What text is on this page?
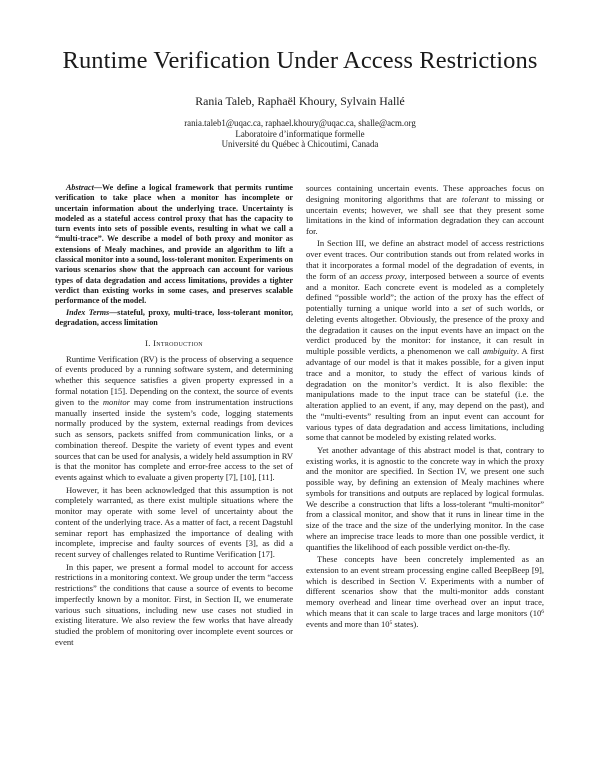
Runtime Verification Under Access Restrictions
Rania Taleb, Raphaël Khoury, Sylvain Hallé
rania.taleb1@uqac.ca, raphael.khoury@uqac.ca, shalle@acm.org
Laboratoire d’informatique formelle
Université du Québec à Chicoutimi, Canada

Abstract—We define a logical framework that permits runtime verification to take place when a monitor has incomplete or uncertain information about the underlying trace. Uncertainty is modeled as a stateful access control proxy that has the capacity to turn events into sets of possible events, resulting in what we call a “multi-trace”. We describe a model of both proxy and monitor as extensions of Mealy machines, and provide an algorithm to lift a classical monitor into a sound, loss-tolerant monitor. Experiments on various scenarios show that the approach can account for various types of data degradation and access limitations, provides a tighter verdict than existing works in some cases, and preserves scalable performance of the model.

Index Terms—stateful, proxy, multi-trace, loss-tolerant monitor, degradation, access limitation

I. Introduction

Runtime Verification (RV) is the process of observing a sequence of events produced by a running software system, and determining whether this sequence satisfies a given property expressed in a formal notation [15]. Depending on the context, the source of events given to the monitor may come from instrumentation instructions manually inserted inside the system’s code, logging statements normally produced by the system, external readings from devices such as sensors, packets sniffed from communication links, or a combination thereof. Despite the variety of event types and event sources that can be used for analysis, a widely held assumption in RV is that the monitor has complete and error-free access to the set of events against which to evaluate a given property [7], [10], [11].

However, it has been acknowledged that this assumption is not completely warranted, as there exist multiple situations where the monitor may operate with some level of uncertainty about the content of the underlying trace. As a matter of fact, a recent Dagstuhl seminar report has emphasized the importance of dealing with incomplete, imprecise and faulty sources of events [3], as did a recent survey of challenges related to Runtime Verification [17].

In this paper, we present a formal model to account for access restrictions in a monitoring context. We group under the term “access restrictions” the conditions that cause a source of events to become imperfectly known by a monitor. First, in Section II, we enumerate various such situations, including new use cases not studied in existing literature. We also review the few works that have already studied the problem of monitoring over incomplete event sources or event

sources containing uncertain events. These approaches focus on designing monitoring algorithms that are tolerant to missing or uncertain events; however, we shall see that they present some limitations in the kind of information degradation they can account for.

In Section III, we define an abstract model of access restrictions over event traces. Our contribution stands out from related works in that it incorporates a formal model of the degradation of events, in the form of an access proxy, interposed between a source of events and a monitor. Each concrete event is modeled as a completely defined “possible world”; the action of the proxy has the effect of potentially turning a unique world into a set of such worlds, or deleting events altogether. Obviously, the presence of the proxy and the degradation it causes on the input events have an impact on the verdict produced by the monitor: for instance, it can result in multiple possible verdicts, a phenomenon we call ambiguity. A first advantage of our model is that it makes possible, for a given input trace and a monitor, to study the effect of various kinds of degradation on the monitor’s verdict. It is also flexible: the manipulations made to the input trace can be stateful (i.e. the alteration applied to an event, if any, may depend on the past), and the “multi-events” resulting from an input event can account for various types of data degradation and access limitations, including some that cannot be modeled by existing related works.

Yet another advantage of this abstract model is that, contrary to existing works, it is agnostic to the concrete way in which the proxy and the monitor are specified. In Section IV, we present one such possible way, by defining an extension of Mealy machines where symbols for transitions and outputs are replaced by logical formulas. We describe a construction that lifts a loss-tolerant “multi-monitor” from a classical monitor, and show that it runs in linear time in the size of the trace and the size of the underlying monitor. In the case where an imprecise trace leads to more than one possible verdict, it quantifies the likelihood of each possible verdict on-the-fly.

These concepts have been concretely implemented as an extension to an event stream processing engine called BeepBeep [9], which is described in Section V. Experiments with a number of different scenarios show that the multi-monitor adds constant memory overhead and linear time overhead over an input trace, which means that it can scale to large traces and large monitors ($10^6$ events and more than $10^5$ states).
